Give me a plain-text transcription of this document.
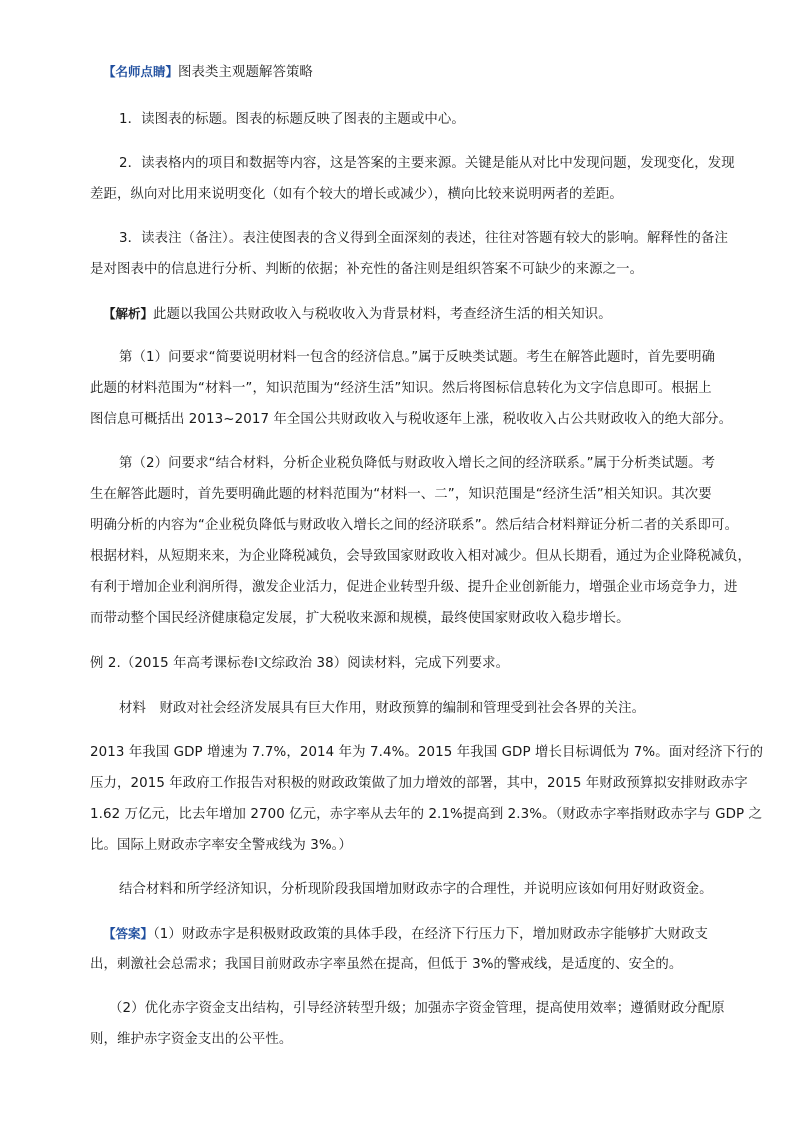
【名师点睛】图表类主观题解答策略
1．读图表的标题。图表的标题反映了图表的主题或中心。
2．读表格内的项目和数据等内容，这是答案的主要来源。关键是能从对比中发现问题，发现变化，发现
差距，纵向对比用来说明变化（如有个较大的增长或减少），横向比较来说明两者的差距。
3．读表注（备注）。表注使图表的含义得到全面深刻的表述，往往对答题有较大的影响。解释性的备注
是对图表中的信息进行分析、判断的依据；补充性的备注则是组织答案不可缺少的来源之一。
【解析】此题以我国公共财政收入与税收收入为背景材料，考查经济生活的相关知识。
第（1）问要求“简要说明材料一包含的经济信息。”属于反映类试题。考生在解答此题时，首先要明确
此题的材料范围为“材料一”，知识范围为“经济生活”知识。然后将图标信息转化为文字信息即可。根据上
图信息可概括出 2013~2017 年全国公共财政收入与税收逐年上涨，税收收入占公共财政收入的绝大部分。
第（2）问要求“结合材料，分析企业税负降低与财政收入增长之间的经济联系。”属于分析类试题。考
生在解答此题时，首先要明确此题的材料范围为“材料一、二”，知识范围是“经济生活”相关知识。其次要
明确分析的内容为“企业税负降低与财政收入增长之间的经济联系”。然后结合材料辩证分析二者的关系即可。
根据材料，从短期来来，为企业降税减负，会导致国家财政收入相对减少。但从长期看，通过为企业降税减负，
有利于增加企业利润所得，激发企业活力，促进企业转型升级、提升企业创新能力，增强企业市场竞争力，进
而带动整个国民经济健康稳定发展，扩大税收来源和规模，最终使国家财政收入稳步增长。
例 2.（2015 年高考课标卷Ⅰ文综政治 38）阅读材料，完成下列要求。
材料　财政对社会经济发展具有巨大作用，财政预算的编制和管理受到社会各界的关注。
2013 年我国 GDP 增速为 7.7%，2014 年为 7.4%。2015 年我国 GDP 增长目标调低为 7%。面对经济下行的
压力，2015 年政府工作报告对积极的财政政策做了加力增效的部署，其中，2015 年财政预算拟安排财政赤字
1.62 万亿元，比去年增加 2700 亿元，赤字率从去年的 2.1%提高到 2.3%。（财政赤字率指财政赤字与 GDP 之
比。国际上财政赤字率安全警戒线为 3%。）
结合材料和所学经济知识，分析现阶段我国增加财政赤字的合理性，并说明应该如何用好财政资金。
【答案】（1）财政赤字是积极财政政策的具体手段，在经济下行压力下，增加财政赤字能够扩大财政支
出，刺激社会总需求；我国目前财政赤字率虽然在提高，但低于 3%的警戒线，是适度的、安全的。
（2）优化赤字资金支出结构，引导经济转型升级；加强赤字资金管理，提高使用效率；遵循财政分配原
则，维护赤字资金支出的公平性。
